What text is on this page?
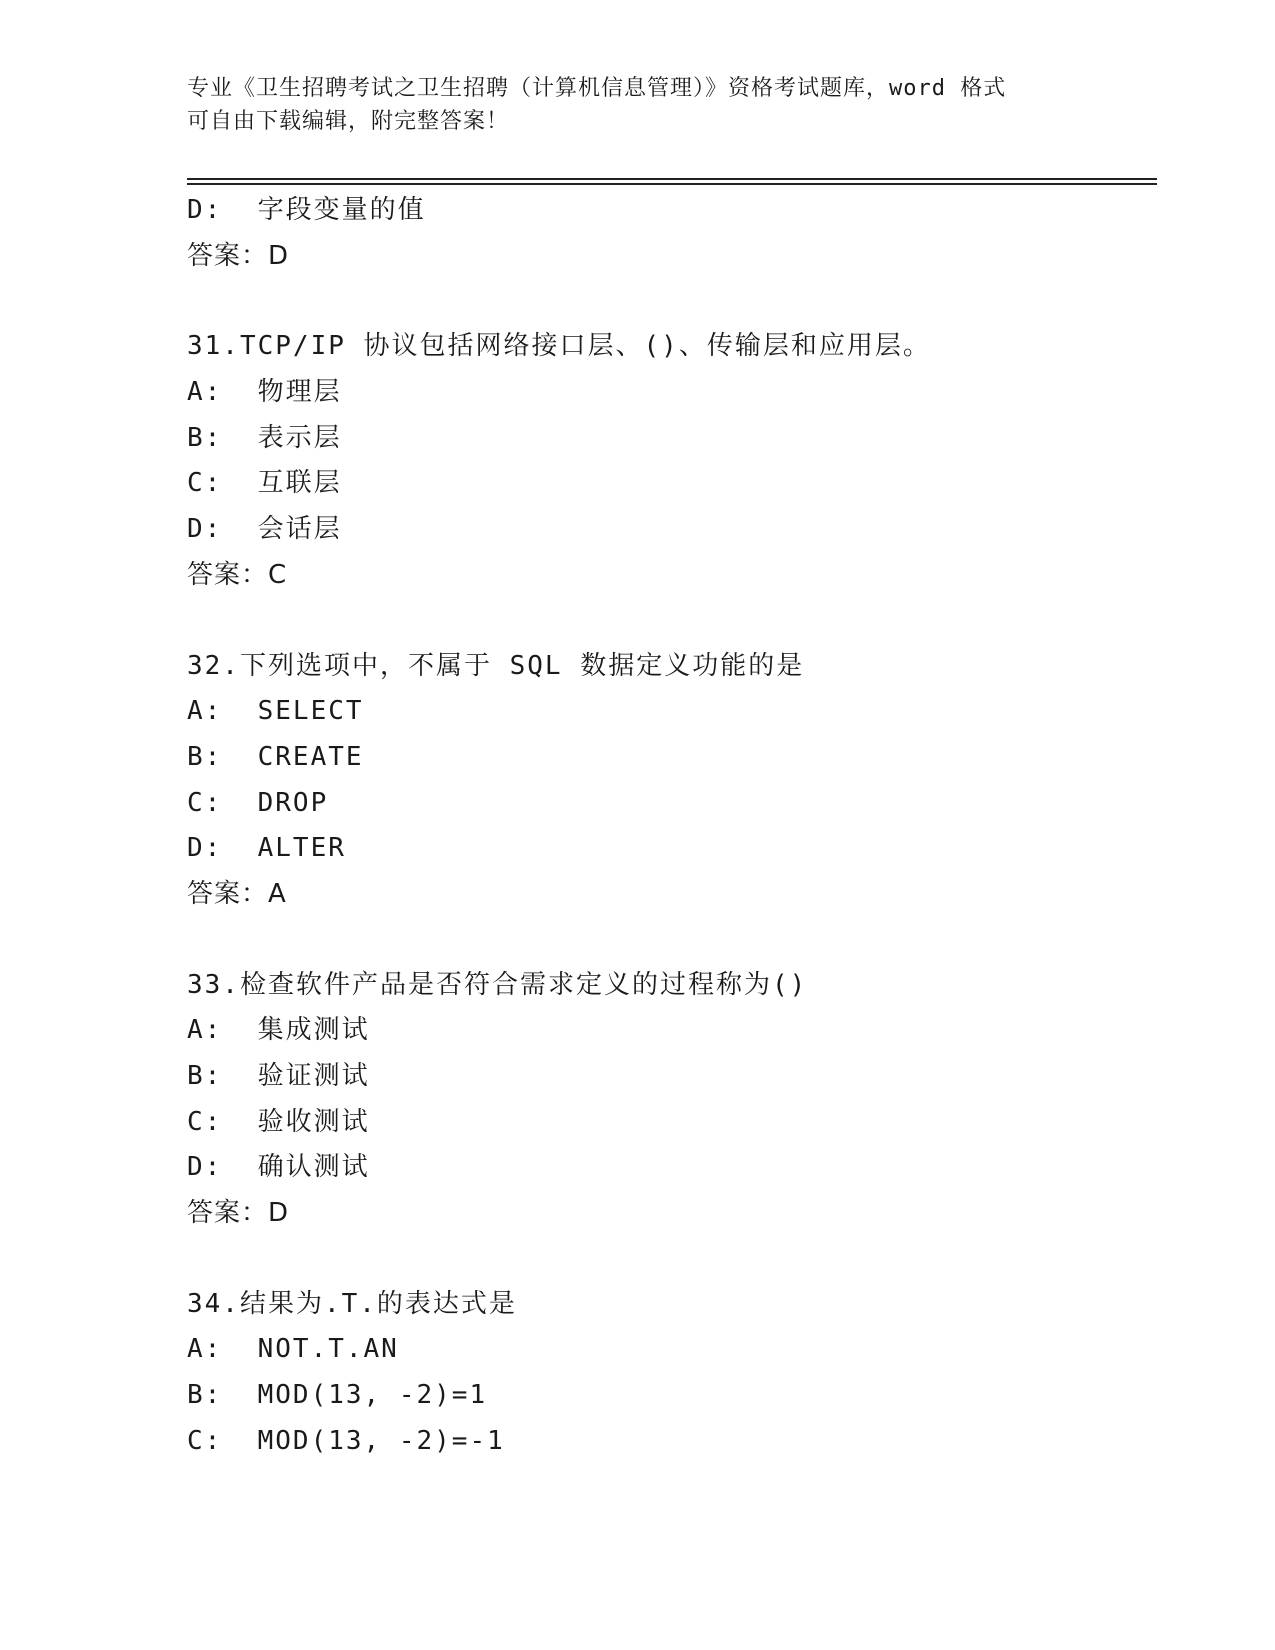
专业《卫生招聘考试之卫生招聘（计算机信息管理）》资格考试题库，word 格式
可自由下载编辑，附完整答案！
D:  字段变量的值
答案：D
31.TCP/IP 协议包括网络接口层、()、传输层和应用层。
A:  物理层
B:  表示层
C:  互联层
D:  会话层
答案：C
32.下列选项中，不属于 SQL 数据定义功能的是
A:  SELECT
B:  CREATE
C:  DROP
D:  ALTER
答案：A
33.检查软件产品是否符合需求定义的过程称为()
A:  集成测试
B:  验证测试
C:  验收测试
D:  确认测试
答案：D
34.结果为.T.的表达式是
A:  NOT.T.AN
B:  MOD(13, -2)=1
C:  MOD(13, -2)=-1
